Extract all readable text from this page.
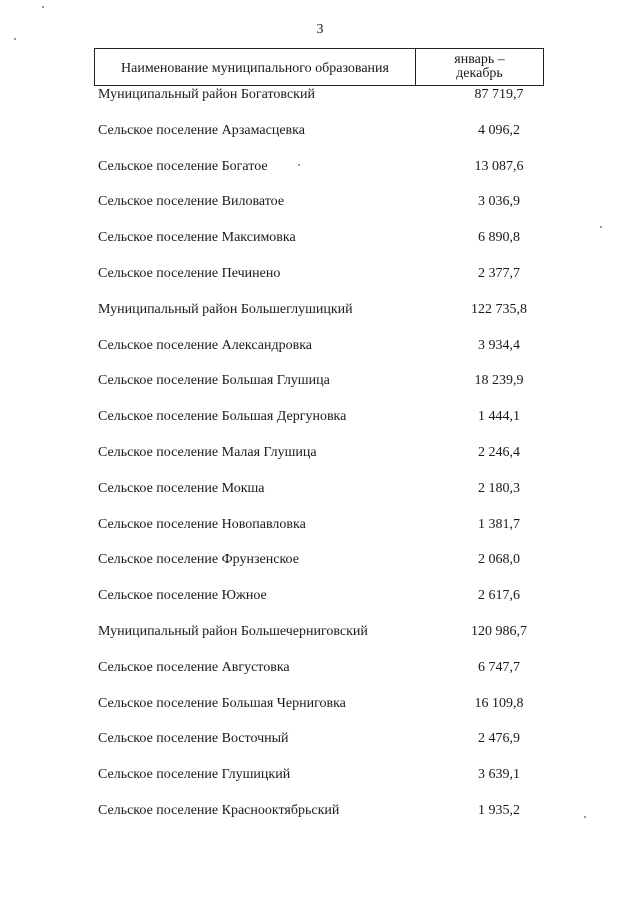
3
Наименование муниципального образования
январь –
декабрь
Муниципальный район Богатовский	87 719,7
Сельское поселение Арзамасцевка	4 096,2
Сельское поселение Богатое	13 087,6
Сельское поселение Виловатое	3 036,9
Сельское поселение Максимовка	6 890,8
Сельское поселение Печинено	2 377,7
Муниципальный район Большеглушицкий	122 735,8
Сельское поселение Александровка	3 934,4
Сельское поселение Большая Глушица	18 239,9
Сельское поселение Большая Дергуновка	1 444,1
Сельское поселение Малая Глушица	2 246,4
Сельское поселение Мокша	2 180,3
Сельское поселение Новопавловка	1 381,7
Сельское поселение Фрунзенское	2 068,0
Сельское поселение Южное	2 617,6
Муниципальный район Большечерниговский	120 986,7
Сельское поселение Августовка	6 747,7
Сельское поселение Большая Черниговка	16 109,8
Сельское поселение Восточный	2 476,9
Сельское поселение Глушицкий	3 639,1
Сельское поселение Краснооктябрьский	1 935,2
